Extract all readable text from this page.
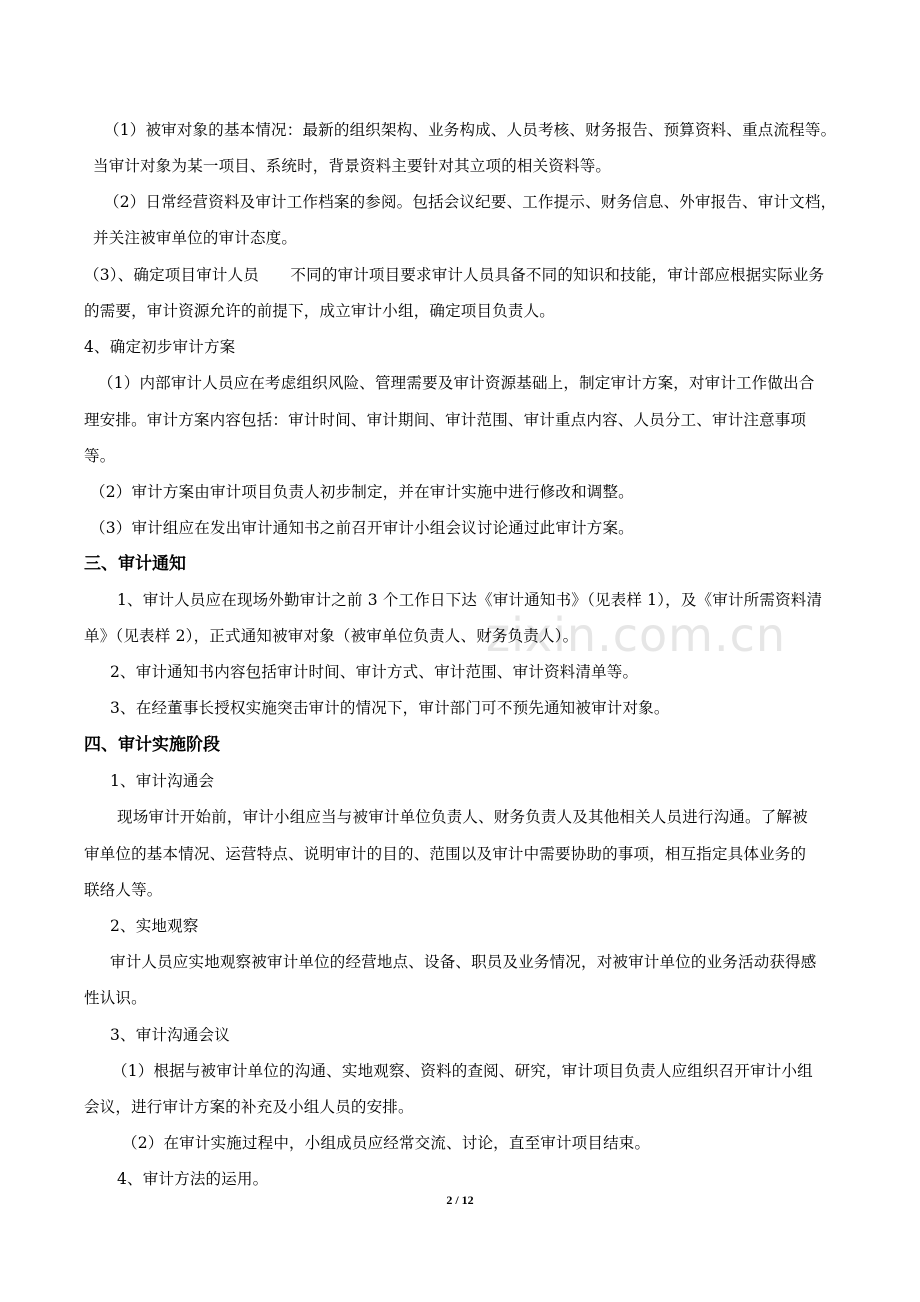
zixin.com.cn
（1）被审对象的基本情况：最新的组织架构、业务构成、人员考核、财务报告、预算资料、重点流程等。
当审计对象为某一项目、系统时，背景资料主要针对其立项的相关资料等。
（2）日常经营资料及审计工作档案的参阅。包括会议纪要、工作提示、财务信息、外审报告、审计文档，
并关注被审单位的审计态度。
（3）、确定项目审计人员　　不同的审计项目要求审计人员具备不同的知识和技能，审计部应根据实际业务
的需要，审计资源允许的前提下，成立审计小组，确定项目负责人。
4、确定初步审计方案
（1）内部审计人员应在考虑组织风险、管理需要及审计资源基础上，制定审计方案，对审计工作做出合
理安排。审计方案内容包括：审计时间、审计期间、审计范围、审计重点内容、人员分工、审计注意事项
等。
（2）审计方案由审计项目负责人初步制定，并在审计实施中进行修改和调整。
（3）审计组应在发出审计通知书之前召开审计小组会议讨论通过此审计方案。
三、审计通知
1、审计人员应在现场外勤审计之前 3 个工作日下达《审计通知书》（见表样 1），及《审计所需资料清
单》（见表样 2），正式通知被审对象（被审单位负责人、财务负责人）。
2、审计通知书内容包括审计时间、审计方式、审计范围、审计资料清单等。
3、在经董事长授权实施突击审计的情况下，审计部门可不预先通知被审计对象。
四、审计实施阶段
1、审计沟通会
现场审计开始前，审计小组应当与被审计单位负责人、财务负责人及其他相关人员进行沟通。了解被
审单位的基本情况、运营特点、说明审计的目的、范围以及审计中需要协助的事项，相互指定具体业务的
联络人等。
2、实地观察
审计人员应实地观察被审计单位的经营地点、设备、职员及业务情况，对被审计单位的业务活动获得感
性认识。
3、审计沟通会议
（1）根据与被审计单位的沟通、实地观察、资料的查阅、研究，审计项目负责人应组织召开审计小组
会议，进行审计方案的补充及小组人员的安排。
（2）在审计实施过程中，小组成员应经常交流、讨论，直至审计项目结束。
4、审计方法的运用。
2 / 12
